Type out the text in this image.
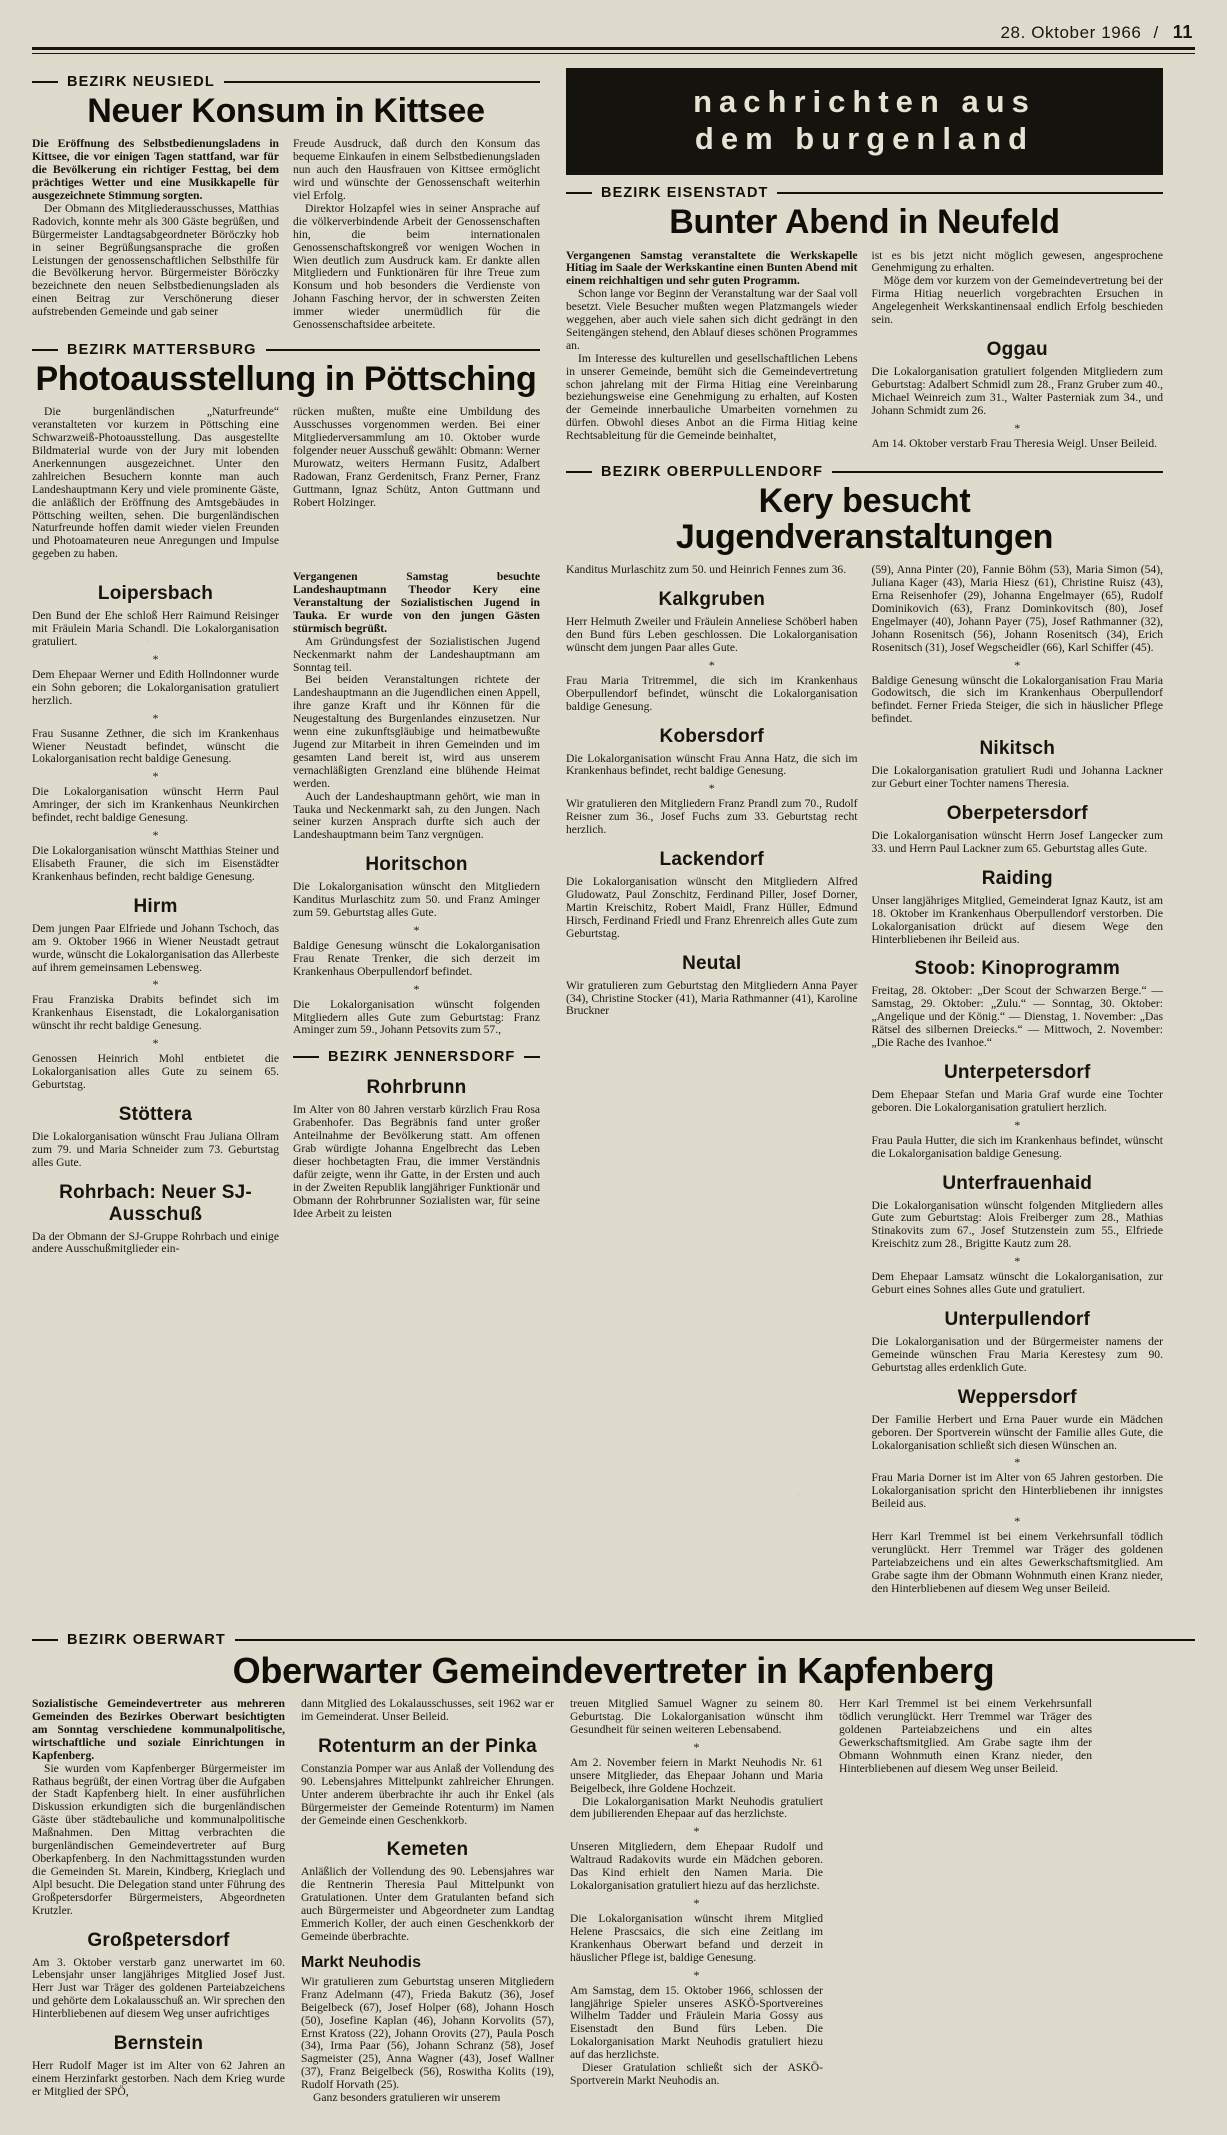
28. Oktober 1966 / 11
BEZIRK NEUSIEDL
Neuer Konsum in Kittsee

Die Eröffnung des Selbstbedienungsladens in Kittsee, die vor einigen Tagen stattfand, war für die Bevölkerung ein richtiger Festtag, bei dem prächtiges Wetter und eine Musikkapelle für ausgezeichnete Stimmung sorgten.

Der Obmann des Mitgliederausschusses, Matthias Radovich, konnte mehr als 300 Gäste begrüßen, und Bürgermeister Landtagsabgeordneter Böröczky hob in seiner Begrüßungsansprache die großen Leistungen der genossenschaftlichen Selbsthilfe für die Bevölkerung hervor. Bürgermeister Böröczky bezeichnete den neuen Selbstbedienungsladen als einen Beitrag zur Verschönerung dieser aufstrebenden Gemeinde und gab seiner

Freude Ausdruck, daß durch den Konsum das bequeme Einkaufen in einem Selbstbedienungsladen nun auch den Hausfrauen von Kittsee ermöglicht wird und wünschte der Genossenschaft weiterhin viel Erfolg.

Direktor Holzapfel wies in seiner Ansprache auf die völkerverbindende Arbeit der Genossenschaften hin, die beim internationalen Genossenschaftskongreß vor wenigen Wochen in Wien deutlich zum Ausdruck kam. Er dankte allen Mitgliedern und Funktionären für ihre Treue zum Konsum und hob besonders die Verdienste von Johann Fasching hervor, der in schwersten Zeiten immer wieder unermüdlich für die Genossenschaftsidee arbeitete.

BEZIRK MATTERSBURG
Photoausstellung in Pöttsching

Die burgenländischen „Naturfreunde“ veranstalteten vor kurzem in Pöttsching eine Schwarzweiß-Photoausstellung. Das ausgestellte Bildmaterial wurde von der Jury mit lobenden Anerkennungen ausgezeichnet. Unter den zahlreichen Besuchern konnte man auch Landeshauptmann Kery und viele prominente Gäste, die anläßlich der Eröffnung des Amtsgebäudes in Pöttsching weilten, sehen. Die burgenländischen Naturfreunde hoffen damit wieder vielen Freunden und Photoamateuren neue Anregungen und Impulse gegeben zu haben.

rücken mußten, mußte eine Umbildung des Ausschusses vorgenommen werden. Bei einer Mitgliederversammlung am 10. Oktober wurde folgender neuer Ausschuß gewählt: Obmann: Werner Murowatz, weiters Hermann Fusitz, Adalbert Radowan, Franz Gerdenitsch, Franz Perner, Franz Guttmann, Ignaz Schütz, Anton Guttmann und Robert Holzinger.

Loipersbach

Den Bund der Ehe schloß Herr Raimund Reisinger mit Fräulein Maria Schandl. Die Lokalorganisation gratuliert.

*

Dem Ehepaar Werner und Edith Hollndonner wurde ein Sohn geboren; die Lokalorganisation gratuliert herzlich.

*

Frau Susanne Zethner, die sich im Krankenhaus Wiener Neustadt befindet, wünscht die Lokalorganisation recht baldige Genesung.

*

Die Lokalorganisation wünscht Herrn Paul Amringer, der sich im Krankenhaus Neunkirchen befindet, recht baldige Genesung.

*

Die Lokalorganisation wünscht Matthias Steiner und Elisabeth Frauner, die sich im Eisenstädter Krankenhaus befinden, recht baldige Genesung.

Hirm

Dem jungen Paar Elfriede und Johann Tschoch, das am 9. Oktober 1966 in Wiener Neustadt getraut wurde, wünscht die Lokalorganisation das Allerbeste auf ihrem gemeinsamen Lebensweg.

*

Frau Franziska Drabits befindet sich im Krankenhaus Eisenstadt, die Lokalorganisation wünscht ihr recht baldige Genesung.

*

Genossen Heinrich Mohl entbietet die Lokalorganisation alles Gute zu seinem 65. Geburtstag.

Stöttera

Die Lokalorganisation wünscht Frau Juliana Ollram zum 79. und Maria Schneider zum 73. Geburtstag alles Gute.

Rohrbach: Neuer SJ-Ausschuß

Da der Obmann der SJ-Gruppe Rohrbach und einige andere Ausschußmitglieder ein-

Vergangenen Samstag besuchte Landeshauptmann Theodor Kery eine Veranstaltung der Sozialistischen Jugend in Tauka. Er wurde von den jungen Gästen stürmisch begrüßt.

Am Gründungsfest der Sozialistischen Jugend Neckenmarkt nahm der Landeshauptmann am Sonntag teil.

Bei beiden Veranstaltungen richtete der Landeshauptmann an die Jugendlichen einen Appell, ihre ganze Kraft und ihr Können für die Neugestaltung des Burgenlandes einzusetzen. Nur wenn eine zukunftsgläubige und heimatbewußte Jugend zur Mitarbeit in ihren Gemeinden und im gesamten Land bereit ist, wird aus unserem vernachläßigten Grenzland eine blühende Heimat werden.

Auch der Landeshauptmann gehört, wie man in Tauka und Neckenmarkt sah, zu den Jungen. Nach seiner kurzen Ansprach durfte sich auch der Landeshauptmann beim Tanz vergnügen.

Horitschon

Die Lokalorganisation wünscht den Mitgliedern Kanditus Murlaschitz zum 50. und Franz Aminger zum 59. Geburtstag alles Gute.

*

Baldige Genesung wünscht die Lokalorganisation Frau Renate Trenker, die sich derzeit im Krankenhaus Oberpullendorf befindet.

*

Die Lokalorganisation wünscht folgenden Mitgliedern alles Gute zum Geburtstag: Franz Aminger zum 59., Johann Petsovits zum 57.,

BEZIRK JENNERSDORF
Rohrbrunn

Im Alter von 80 Jahren verstarb kürzlich Frau Rosa Grabenhofer. Das Begräbnis fand unter großer Anteilnahme der Bevölkerung statt. Am offenen Grab würdigte Johanna Engelbrecht das Leben dieser hochbetagten Frau, die immer Verständnis dafür zeigte, wenn ihr Gatte, in der Ersten und auch in der Zweiten Republik langjähriger Funktionär und Obmann der Rohrbrunner Sozialisten war, für seine Idee Arbeit zu leisten

nachrichten aus
dem burgenland
BEZIRK EISENSTADT
Bunter Abend in Neufeld

Vergangenen Samstag veranstaltete die Werkskapelle Hitiag im Saale der Werkskantine einen Bunten Abend mit einem reichhaltigen und sehr guten Programm.

Schon lange vor Beginn der Veranstaltung war der Saal voll besetzt. Viele Besucher mußten wegen Platzmangels wieder weggehen, aber auch viele sahen sich dicht gedrängt in den Seitengängen stehend, den Ablauf dieses schönen Programmes an.

Im Interesse des kulturellen und gesellschaftlichen Lebens in unserer Gemeinde, bemüht sich die Gemeindevertretung schon jahrelang mit der Firma Hitiag eine Vereinbarung beziehungsweise eine Genehmigung zu erhalten, auf Kosten der Gemeinde innerbauliche Umarbeiten vornehmen zu dürfen. Obwohl dieses Anbot an die Firma Hitiag keine Rechtsableitung für die Gemeinde beinhaltet,

ist es bis jetzt nicht möglich gewesen, angesprochene Genehmigung zu erhalten.

Möge dem vor kurzem von der Gemeindevertretung bei der Firma Hitiag neuerlich vorgebrachten Ersuchen in Angelegenheit Werkskantinensaal endlich Erfolg beschieden sein.

Oggau

Die Lokalorganisation gratuliert folgenden Mitgliedern zum Geburtstag: Adalbert Schmidl zum 28., Franz Gruber zum 40., Michael Weinreich zum 31., Walter Pasterniak zum 34., und Johann Schmidt zum 26.

*

Am 14. Oktober verstarb Frau Theresia Weigl. Unser Beileid.

BEZIRK OBERPULLENDORF
Kery besucht Jugendveranstaltungen

Kanditus Murlaschitz zum 50. und Heinrich Fennes zum 36.

Kalkgruben

Herr Helmuth Zweiler und Fräulein Anneliese Schöberl haben den Bund fürs Leben geschlossen. Die Lokalorganisation wünscht dem jungen Paar alles Gute.

*

Frau Maria Tritremmel, die sich im Krankenhaus Oberpullendorf befindet, wünscht die Lokalorganisation baldige Genesung.

Kobersdorf

Die Lokalorganisation wünscht Frau Anna Hatz, die sich im Krankenhaus befindet, recht baldige Genesung.

*

Wir gratulieren den Mitgliedern Franz Prandl zum 70., Rudolf Reisner zum 36., Josef Fuchs zum 33. Geburtstag recht herzlich.

Lackendorf

Die Lokalorganisation wünscht den Mitgliedern Alfred Gludowatz, Paul Zonschitz, Ferdinand Piller, Josef Dorner, Martin Kreischitz, Robert Maidl, Franz Hüller, Edmund Hirsch, Ferdinand Friedl und Franz Ehrenreich alles Gute zum Geburtstag.

Neutal

Wir gratulieren zum Geburtstag den Mitgliedern Anna Payer (34), Christine Stocker (41), Maria Rathmanner (41), Karoline Bruckner

(59), Anna Pinter (20), Fannie Böhm (53), Maria Simon (54), Juliana Kager (43), Maria Hiesz (61), Christine Ruisz (43), Erna Reisenhofer (29), Johanna Engelmayer (65), Rudolf Dominikovich (63), Franz Dominkovitsch (80), Josef Engelmayer (40), Johann Payer (75), Josef Rathmanner (32), Johann Rosenitsch (56), Johann Rosenitsch (34), Erich Rosenitsch (31), Josef Wegscheidler (66), Karl Schiffer (45).

*

Baldige Genesung wünscht die Lokalorganisation Frau Maria Godowitsch, die sich im Krankenhaus Oberpullendorf befindet. Ferner Frieda Steiger, die sich in häuslicher Pflege befindet.

Nikitsch

Die Lokalorganisation gratuliert Rudi und Johanna Lackner zur Geburt einer Tochter namens Theresia.

Oberpetersdorf

Die Lokalorganisation wünscht Herrn Josef Langecker zum 33. und Herrn Paul Lackner zum 65. Geburtstag alles Gute.

Raiding

Unser langjähriges Mitglied, Gemeinderat Ignaz Kautz, ist am 18. Oktober im Krankenhaus Oberpullendorf verstorben. Die Lokalorganisation drückt auf diesem Wege den Hinterbliebenen ihr Beileid aus.

Stoob: Kinoprogramm

Freitag, 28. Oktober: „Der Scout der Schwarzen Berge.“ — Samstag, 29. Oktober: „Zulu.“ — Sonntag, 30. Oktober: „Angelique und der König.“ — Dienstag, 1. November: „Das Rätsel des silbernen Dreiecks.“ — Mittwoch, 2. November: „Die Rache des Ivanhoe.“

Unterpetersdorf

Dem Ehepaar Stefan und Maria Graf wurde eine Tochter geboren. Die Lokalorganisation gratuliert herzlich.

*

Frau Paula Hutter, die sich im Krankenhaus befindet, wünscht die Lokalorganisation baldige Genesung.

Unterfrauenhaid

Die Lokalorganisation wünscht folgenden Mitgliedern alles Gute zum Geburtstag: Alois Freiberger zum 28., Mathias Stinakovits zum 67., Josef Stutzenstein zum 55., Elfriede Kreischitz zum 28., Brigitte Kautz zum 28.

*

Dem Ehepaar Lamsatz wünscht die Lokalorganisation, zur Geburt eines Sohnes alles Gute und gratuliert.

Unterpullendorf

Die Lokalorganisation und der Bürgermeister namens der Gemeinde wünschen Frau Maria Kerestesy zum 90. Geburtstag alles erdenklich Gute.

Weppersdorf

Der Familie Herbert und Erna Pauer wurde ein Mädchen geboren. Der Sportverein wünscht der Familie alles Gute, die Lokalorganisation schließt sich diesen Wünschen an.

*

Frau Maria Dorner ist im Alter von 65 Jahren gestorben. Die Lokalorganisation spricht den Hinterbliebenen ihr innigstes Beileid aus.

*

Herr Karl Tremmel ist bei einem Verkehrsunfall tödlich verunglückt. Herr Tremmel war Träger des goldenen Parteiabzeichens und ein altes Gewerkschaftsmitglied. Am Grabe sagte ihm der Obmann Wohnmuth einen Kranz nieder, den Hinterbliebenen auf diesem Weg unser Beileid.

BEZIRK OBERWART
Oberwarter Gemeindevertreter in Kapfenberg

Sozialistische Gemeindevertreter aus mehreren Gemeinden des Bezirkes Oberwart besichtigten am Sonntag verschiedene kommunalpolitische, wirtschaftliche und soziale Einrichtungen in Kapfenberg.

Sie wurden vom Kapfenberger Bürgermeister im Rathaus begrüßt, der einen Vortrag über die Aufgaben der Stadt Kapfenberg hielt. In einer ausführlichen Diskussion erkundigten sich die burgenländischen Gäste über städtebauliche und kommunalpolitische Maßnahmen. Den Mittag verbrachten die burgenländischen Gemeindevertreter auf Burg Oberkapfenberg. In den Nachmittagsstunden wurden die Gemeinden St. Marein, Kindberg, Krieglach und Alpl besucht. Die Delegation stand unter Führung des Großpetersdorfer Bürgermeisters, Abgeordneten Krutzler.

Großpetersdorf

Am 3. Oktober verstarb ganz unerwartet im 60. Lebensjahr unser langjähriges Mitglied Josef Just. Herr Just war Träger des goldenen Parteiabzeichens und gehörte dem Lokalausschuß an. Wir sprechen den Hinterbliebenen auf diesem Weg unser aufrichtiges

Bernstein

Herr Rudolf Mager ist im Alter von 62 Jahren an einem Herzinfarkt gestorben. Nach dem Krieg wurde er Mitglied der SPÖ,

dann Mitglied des Lokalausschusses, seit 1962 war er im Gemeinderat. Unser Beileid.

Rotenturm an der Pinka

Constanzia Pomper war aus Anlaß der Vollendung des 90. Lebensjahres Mittelpunkt zahlreicher Ehrungen. Unter anderem überbrachte ihr auch ihr Enkel (als Bürgermeister der Gemeinde Rotenturm) im Namen der Gemeinde einen Geschenkkorb.

Kemeten

Anläßlich der Vollendung des 90. Lebensjahres war die Rentnerin Theresia Paul Mittelpunkt von Gratulationen. Unter dem Gratulanten befand sich auch Bürgermeister und Abgeordneter zum Landtag Emmerich Koller, der auch einen Geschenkkorb der Gemeinde überbrachte.

Markt Neuhodis

Wir gratulieren zum Geburtstag unseren Mitgliedern Franz Adelmann (47), Frieda Bakutz (36), Josef Beigelbeck (67), Josef Holper (68), Johann Hosch (50), Josefine Kaplan (46), Johann Korvolits (57), Ernst Kratoss (22), Johann Orovits (27), Paula Posch (34), Irma Paar (56), Johann Schranz (58), Josef Sagmeister (25), Anna Wagner (43), Josef Wallner (37), Franz Beigelbeck (56), Roswitha Kolits (19), Rudolf Horvath (25).

Ganz besonders gratulieren wir unserem

treuen Mitglied Samuel Wagner zu seinem 80. Geburtstag. Die Lokalorganisation wünscht ihm Gesundheit für seinen weiteren Lebensabend.

*

Am 2. November feiern in Markt Neuhodis Nr. 61 unsere Mitglieder, das Ehepaar Johann und Maria Beigelbeck, ihre Goldene Hochzeit.

Die Lokalorganisation Markt Neuhodis gratuliert dem jubilierenden Ehepaar auf das herzlichste.

*

Unseren Mitgliedern, dem Ehepaar Rudolf und Waltraud Radakovits wurde ein Mädchen geboren. Das Kind erhielt den Namen Maria. Die Lokalorganisation gratuliert hiezu auf das herzlichste.

*

Die Lokalorganisation wünscht ihrem Mitglied Helene Prascsaics, die sich eine Zeitlang im Krankenhaus Oberwart befand und derzeit in häuslicher Pflege ist, baldige Genesung.

*

Am Samstag, dem 15. Oktober 1966, schlossen der langjährige Spieler unseres ASKÖ-Sportvereines Wilhelm Tadder und Fräulein Maria Gossy aus Eisenstadt den Bund fürs Leben. Die Lokalorganisation Markt Neuhodis gratuliert hiezu auf das herzlichste.

Dieser Gratulation schließt sich der ASKÖ-Sportverein Markt Neuhodis an.

Herr Karl Tremmel ist bei einem Verkehrsunfall tödlich verunglückt. Herr Tremmel war Träger des goldenen Parteiabzeichens und ein altes Gewerkschaftsmitglied. Am Grabe sagte ihm der Obmann Wohnmuth einen Kranz nieder, den Hinterbliebenen auf diesem Weg unser Beileid.
